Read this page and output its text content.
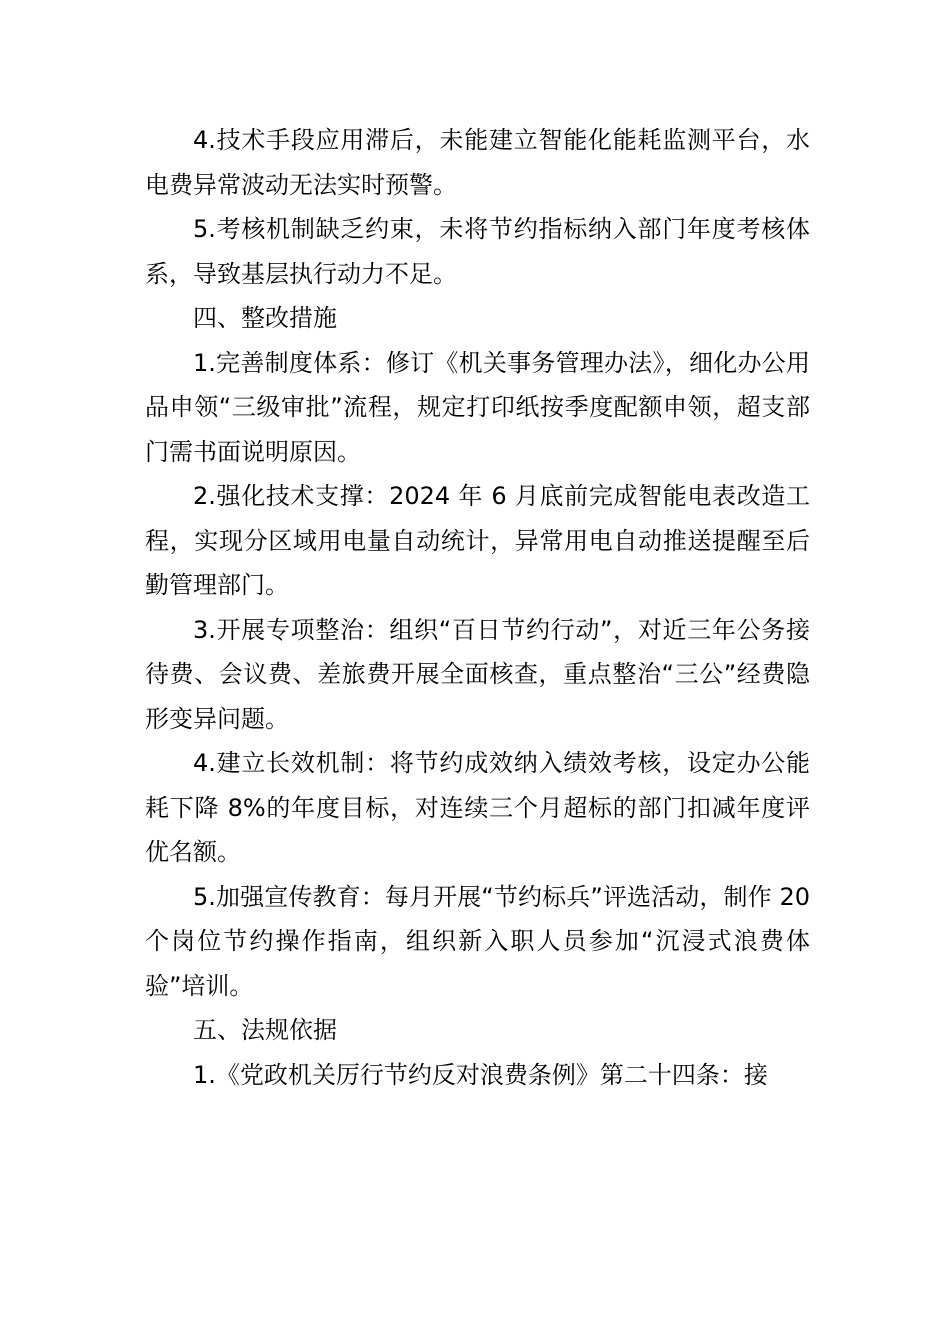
4.技术手段应用滞后，未能建立智能化能耗监测平台，水电费异常波动无法实时预警。

5.考核机制缺乏约束，未将节约指标纳入部门年度考核体系，导致基层执行动力不足。

四、整改措施

1.完善制度体系：修订《机关事务管理办法》，细化办公用品申领“三级审批”流程，规定打印纸按季度配额申领，超支部门需书面说明原因。

2.强化技术支撑：2024 年 6 月底前完成智能电表改造工程，实现分区域用电量自动统计，异常用电自动推送提醒至后勤管理部门。

3.开展专项整治：组织“百日节约行动”，对近三年公务接待费、会议费、差旅费开展全面核查，重点整治“三公”经费隐形变异问题。

4.建立长效机制：将节约成效纳入绩效考核，设定办公能耗下降 8%的年度目标，对连续三个月超标的部门扣减年度评优名额。

5.加强宣传教育：每月开展“节约标兵”评选活动，制作 20 个岗位节约操作指南，组织新入职人员参加“沉浸式浪费体验”培训。

五、法规依据

1.《党政机关厉行节约反对浪费条例》第二十四条：接
